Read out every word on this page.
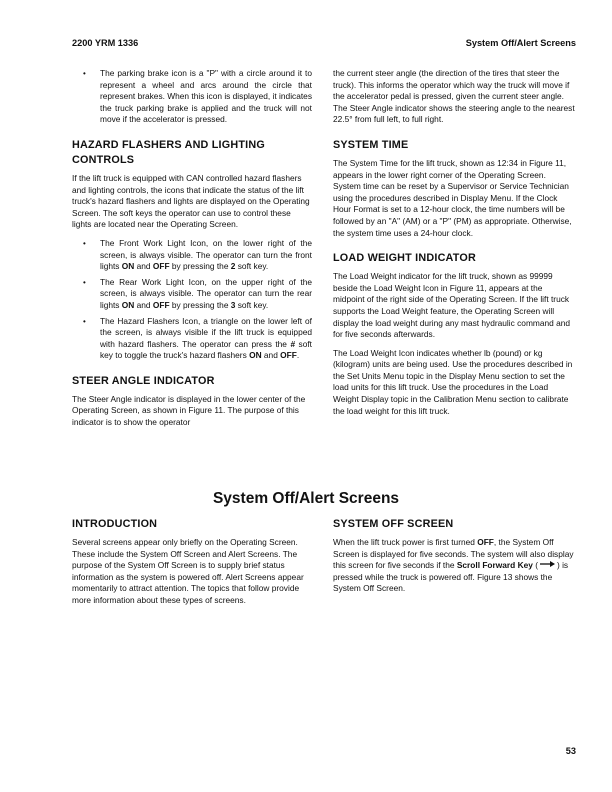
2200 YRM 1336	System Off/Alert Screens
• The parking brake icon is a "P" with a circle around it to represent a wheel and arcs around the circle that represent brakes. When this icon is displayed, it indicates the truck parking brake is applied and the truck will not move if the accelerator is pressed.
HAZARD FLASHERS AND LIGHTING CONTROLS

If the lift truck is equipped with CAN controlled hazard flashers and lighting controls, the icons that indicate the status of the lift truck's hazard flashers and lights are displayed on the Operating Screen. The soft keys the operator can use to control these lights are located near the Operating Screen.

• The Front Work Light Icon, on the lower right of the screen, is always visible. The operator can turn the front lights ON and OFF by pressing the 2 soft key.
• The Rear Work Light Icon, on the upper right of the screen, is always visible. The operator can turn the rear lights ON and OFF by pressing the 3 soft key.
• The Hazard Flashers Icon, a triangle on the lower left of the screen, is always visible if the lift truck is equipped with hazard flashers. The operator can press the # soft key to toggle the truck's hazard flashers ON and OFF.
STEER ANGLE INDICATOR

The Steer Angle indicator is displayed in the lower center of the Operating Screen, as shown in Figure 11. The purpose of this indicator is to show the operator

the current steer angle (the direction of the tires that steer the truck). This informs the operator which way the truck will move if the accelerator pedal is pressed, given the current steer angle. The Steer Angle indicator shows the steering angle to the nearest 22.5° from full left, to full right.

SYSTEM TIME

The System Time for the lift truck, shown as 12:34 in Figure 11, appears in the lower right corner of the Operating Screen. System time can be reset by a Supervisor or Service Technician using the procedures described in Display Menu. If the Clock Hour Format is set to a 12-hour clock, the time numbers will be followed by an "A" (AM) or a "P" (PM) as appropriate. Otherwise, the system time uses a 24-hour clock.

LOAD WEIGHT INDICATOR

The Load Weight indicator for the lift truck, shown as 99999 beside the Load Weight Icon in Figure 11, appears at the midpoint of the right side of the Operating Screen. If the lift truck supports the Load Weight feature, the Operating Screen will display the load weight during any mast hydraulic command and for five seconds afterwards.

The Load Weight Icon indicates whether lb (pound) or kg (kilogram) units are being used. Use the procedures described in the Set Units Menu topic in the Display Menu section to set the load units for this lift truck. Use the procedures in the Load Weight Display topic in the Calibration Menu section to calibrate the load weight for this lift truck.

System Off/Alert Screens
INTRODUCTION

Several screens appear only briefly on the Operating Screen. These include the System Off Screen and Alert Screens. The purpose of the System Off Screen is to supply brief status information as the system is powered off. Alert Screens appear momentarily to attract attention. The topics that follow provide more information about these types of screens.

SYSTEM OFF SCREEN

When the lift truck power is first turned OFF, the System Off Screen is displayed for five seconds. The system will also display this screen for five seconds if the Scroll Forward Key ( ) is pressed while the truck is powered off. Figure 13 shows the System Off Screen.

53
